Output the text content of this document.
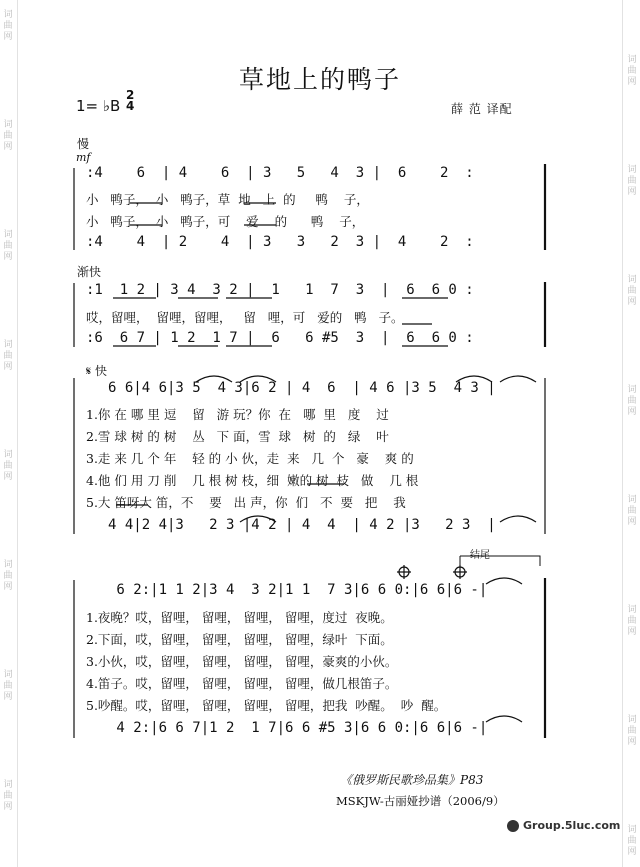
词
曲
网
词
曲
网
词
曲
网
词
曲
网
词
曲
网
词
曲
网
词
曲
网
词
曲
网
词
曲
网
词
曲
网
词
曲
网
词
曲
网
词
曲
网
词
曲
网
词
曲
网
词
曲
网
草地上的鸭子
1= ♭B
2
4	薛 范 译配
慢
mf
:4    6  | 4    6  | 3   5   4  3 |  6    2  :
小   鸭子，  小   鸭子，草  地   上  的     鸭    子，
小   鸭子，  小   鸭子，可    爱    的      鸭    子，
:4    4  | 2    4  | 3   3   2  3 |  4    2  :
渐快
:1  1 2 | 3 4  3 2 |  1   1  7  3  |  6  6 0 :
哎，留哩，  留哩，留哩，   留   哩，可   爱的   鸭   子。
:6  6 7 | 1 2  1 7 |  6   6 #5  3  |  6  6 0 :
𝄋 快
6 6|4 6|3 5  4 3|6 2 | 4  6  | 4 6 |3 5  4 3 |
1.你 在 哪 里 逗    留   游 玩？你  在   哪  里   度    过
2.雪 球 树 的 树    丛   下 面，雪  球   树  的   绿    叶
3.走 来 几 个 年    轻 的 小 伙，走  来   几  个   豪    爽 的
4.他 们 用 刀 削    几 根 树 枝，细  嫩的 树  枝   做    几 根
5.大 笛呀大 笛，不    要   出 声，你  们   不  要   把    我
4 4|2 4|3   2 3 |4 2 | 4  4  | 4 2 |3   2 3  |
结尾
6 2:|1 1 2|3 4  3 2|1 1  7 3|6 6 0:|6 6|6 -|
1.夜晚？哎，留哩， 留哩， 留哩， 留哩，度过  夜晚。
2.下面，哎，留哩， 留哩， 留哩， 留哩，绿叶  下面。
3.小伙，哎，留哩， 留哩， 留哩， 留哩，豪爽的小伙。
4.笛子。哎，留哩， 留哩， 留哩， 留哩，做几根笛子。
5.吵醒。哎，留哩， 留哩， 留哩， 留哩，把我  吵醒。  吵  醒。
4 2:|6 6 7|1 2  1 7|6 6 #5 3|6 6 0:|6 6|6 -|
《俄罗斯民歌珍品集》P83
MSKJW-古丽娅抄谱（2006/9）
Group.5luc.com
